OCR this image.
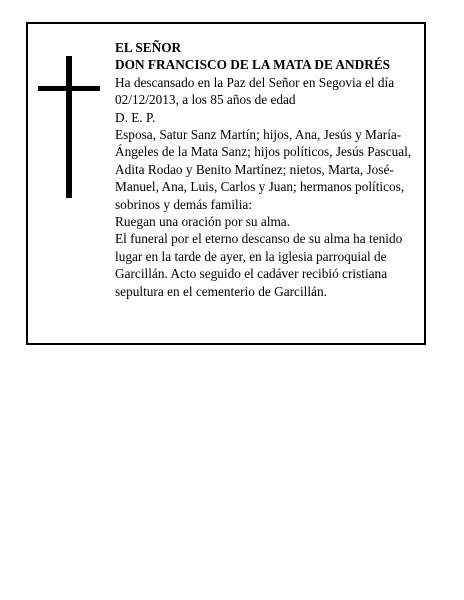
EL SEÑOR

DON FRANCISCO DE LA MATA DE ANDRÉS

Ha descansado en la Paz del Señor en Segovia el día 02/12/2013, a los 85 años de edad

D. E. P.

Esposa, Satur Sanz Martín; hijos, Ana, Jesús y María-Ángeles de la Mata Sanz; hijos políticos, Jesús Pascual, Adita Rodao y Benito Martínez; nietos, Marta, José-Manuel, Ana, Luis, Carlos y Juan; hermanos políticos, sobrinos y demás familia:

Ruegan una oración por su alma.

El funeral por el eterno descanso de su alma ha tenido lugar en la tarde de ayer, en la iglesia parroquial de Garcillán. Acto seguido el cadáver recibió cristiana sepultura en el cementerio de Garcillán.
